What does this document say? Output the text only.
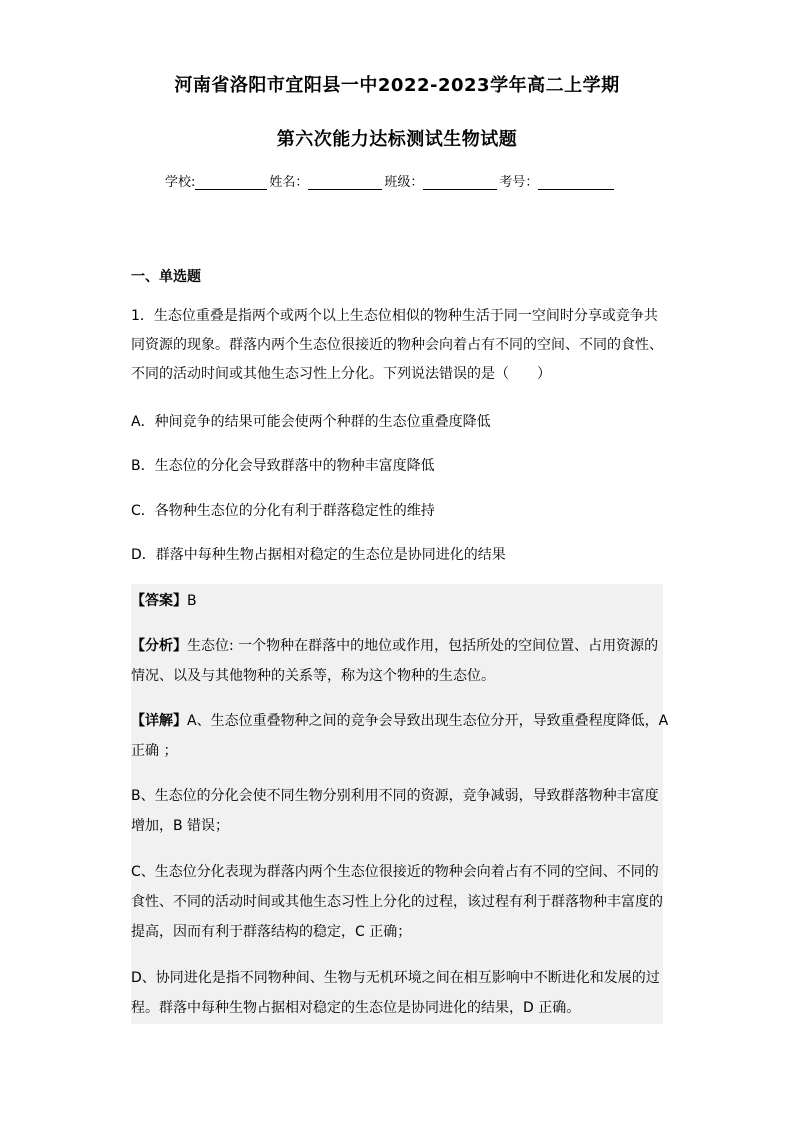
河南省洛阳市宜阳县一中2022-2023学年高二上学期
第六次能力达标测试生物试题
学校:	姓名：	班级：	考号：
一、单选题

1．生态位重叠是指两个或两个以上生态位相似的物种生活于同一空间时分享或竞争共

同资源的现象。群落内两个生态位很接近的物种会向着占有不同的空间、不同的食性、

不同的活动时间或其他生态习性上分化。下列说法错误的是（　　）

A．种间竞争的结果可能会使两个种群的生态位重叠度降低

B．生态位的分化会导致群落中的物种丰富度降低

C．各物种生态位的分化有利于群落稳定性的维持

D．群落中每种生物占据相对稳定的生态位是协同进化的结果

【答案】B

【分析】生态位: 一个物种在群落中的地位或作用，包括所处的空间位置、占用资源的

情况、以及与其他物种的关系等，称为这个物种的生态位。

【详解】A、生态位重叠物种之间的竞争会导致出现生态位分开，导致重叠程度降低，A

正确 ；

B、生态位的分化会使不同生物分别利用不同的资源，竞争减弱，导致群落物种丰富度

增加，B 错误；

C、生态位分化表现为群落内两个生态位很接近的物种会向着占有不同的空间、不同的

食性、不同的活动时间或其他生态习性上分化的过程，该过程有利于群落物种丰富度的

提高，因而有利于群落结构的稳定，C 正确；

D、协同进化是指不同物种间、生物与无机环境之间在相互影响中不断进化和发展的过

程。群落中每种生物占据相对稳定的生态位是协同进化的结果，D 正确。
